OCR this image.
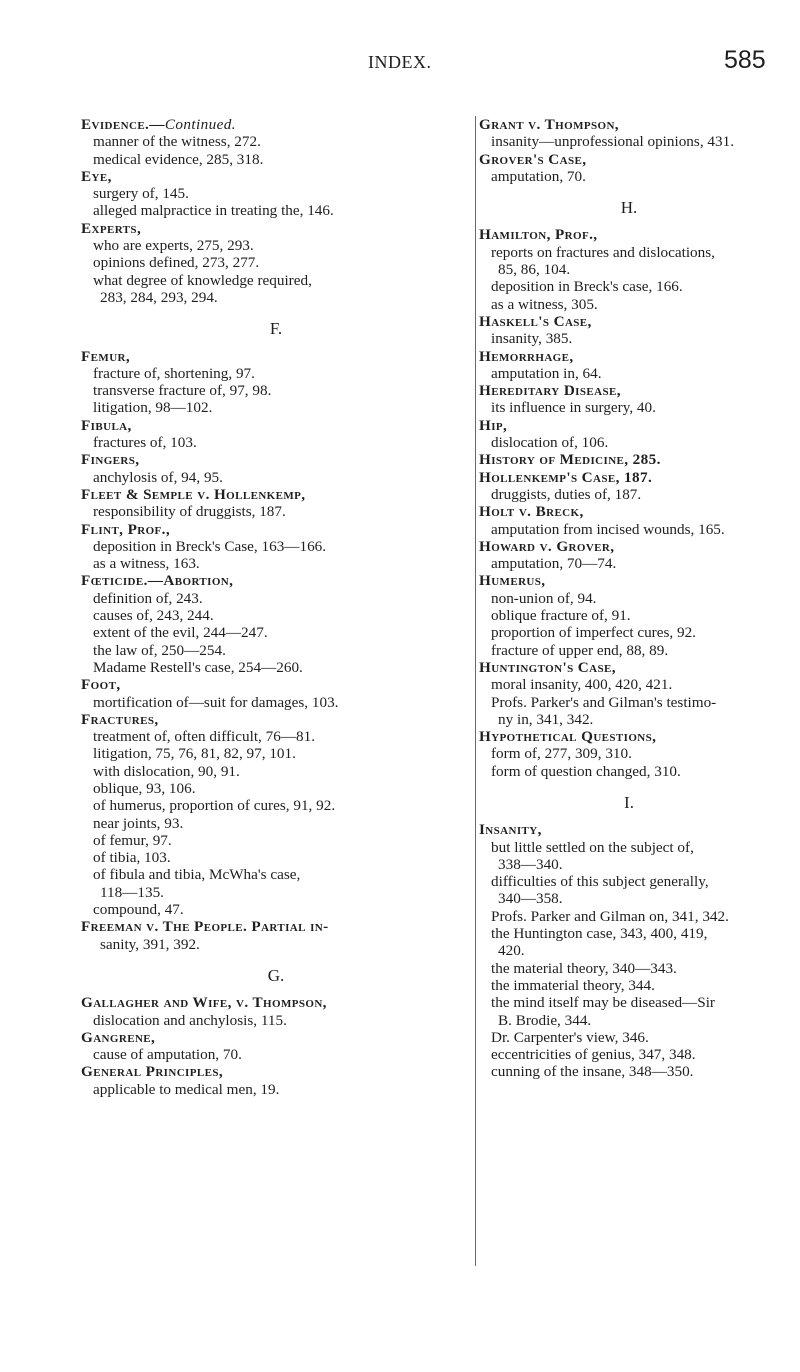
INDEX.	585
Evidence.—Continued.
manner of the witness, 272.
medical evidence, 285, 318.
Eye,
surgery of, 145.
alleged malpractice in treating the, 146.
Experts,
who are experts, 275, 293.
opinions defined, 273, 277.
what degree of knowledge required,
283, 284, 293, 294.
F.
Femur,
fracture of, shortening, 97.
transverse fracture of, 97, 98.
litigation, 98—102.
Fibula,
fractures of, 103.
Fingers,
anchylosis of, 94, 95.
Fleet & Semple v. Hollenkemp,
responsibility of druggists, 187.
Flint, Prof.,
deposition in Breck's Case, 163—166.
as a witness, 163.
Fœticide.—Abortion,
definition of, 243.
causes of, 243, 244.
extent of the evil, 244—247.
the law of, 250—254.
Madame Restell's case, 254—260.
Foot,
mortification of—suit for damages, 103.
Fractures,
treatment of, often difficult, 76—81.
litigation, 75, 76, 81, 82, 97, 101.
with dislocation, 90, 91.
oblique, 93, 106.
of humerus, proportion of cures, 91, 92.
near joints, 93.
of femur, 97.
of tibia, 103.
of fibula and tibia, McWha's case,
118—135.
compound, 47.
Freeman v. The People. Partial in-
sanity, 391, 392.
G.
Gallagher and Wife, v. Thompson,
dislocation and anchylosis, 115.
Gangrene,
cause of amputation, 70.
General Principles,
applicable to medical men, 19.
Grant v. Thompson,
insanity—unprofessional opinions, 431.
Grover's Case,
amputation, 70.
H.
Hamilton, Prof.,
reports on fractures and dislocations,
85, 86, 104.
deposition in Breck's case, 166.
as a witness, 305.
Haskell's Case,
insanity, 385.
Hemorrhage,
amputation in, 64.
Hereditary Disease,
its influence in surgery, 40.
Hip,
dislocation of, 106.
History of Medicine, 285.
Hollenkemp's Case, 187.
druggists, duties of, 187.
Holt v. Breck,
amputation from incised wounds, 165.
Howard v. Grover,
amputation, 70—74.
Humerus,
non-union of, 94.
oblique fracture of, 91.
proportion of imperfect cures, 92.
fracture of upper end, 88, 89.
Huntington's Case,
moral insanity, 400, 420, 421.
Profs. Parker's and Gilman's testimo-
ny in, 341, 342.
Hypothetical Questions,
form of, 277, 309, 310.
form of question changed, 310.
I.
Insanity,
but little settled on the subject of,
338—340.
difficulties of this subject generally,
340—358.
Profs. Parker and Gilman on, 341, 342.
the Huntington case, 343, 400, 419,
420.
the material theory, 340—343.
the immaterial theory, 344.
the mind itself may be diseased—Sir
B. Brodie, 344.
Dr. Carpenter's view, 346.
eccentricities of genius, 347, 348.
cunning of the insane, 348—350.
